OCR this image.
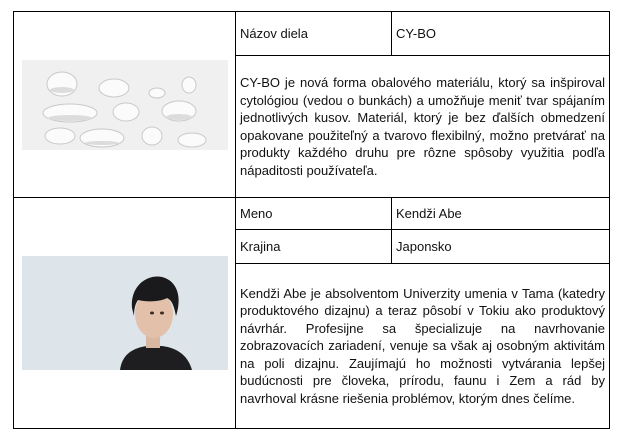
	Názov diela	CY-BO
	CY-BO je nová forma obalového materiálu, ktorý sa inšpiroval cytológiou (vedou o bunkách) a umožňuje meniť tvar spájaním jednotlivých kusov. Materiál, ktorý je bez ďalších obmedzení opakovane použiteľný a tvarovo flexibilný, možno pretvárať na produkty každého druhu pre rôzne spôsoby využitia podľa nápaditosti používateľa.	

	Meno	Kendži Abe
	Krajina	Japonsko
	Kendži Abe je absolventom Univerzity umenia v Tama (katedry produktového dizajnu) a teraz pôsobí v Tokiu ako produktový návrhár. Profesijne sa špecializuje na navrhovanie zobrazovacích zariadení, venuje sa však aj osobným aktivitám na poli dizajnu. Zaujímajú ho možnosti vytvárania lepšej budúcnosti pre človeka, prírodu, faunu i Zem a rád by navrhoval krásne riešenia problémov, ktorým dnes čelíme.	
